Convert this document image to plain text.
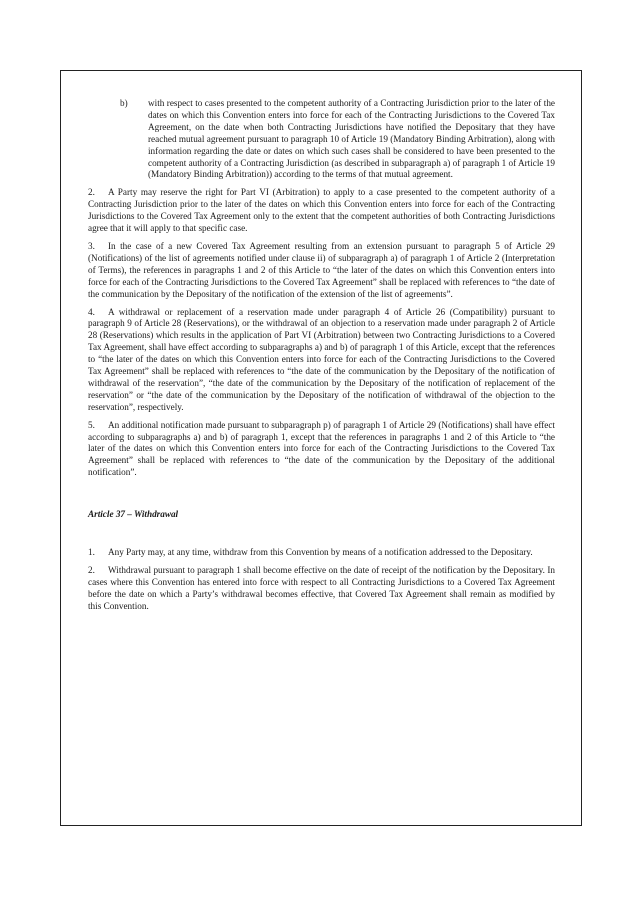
b)	with respect to cases presented to the competent authority of a Contracting Jurisdiction prior to the later of the dates on which this Convention enters into force for each of the Contracting Jurisdictions to the Covered Tax Agreement, on the date when both Contracting Jurisdictions have notified the Depositary that they have reached mutual agreement pursuant to paragraph 10 of Article 19 (Mandatory Binding Arbitration), along with information regarding the date or dates on which such cases shall be considered to have been presented to the competent authority of a Contracting Jurisdiction (as described in subparagraph a) of paragraph 1 of Article 19 (Mandatory Binding Arbitration)) according to the terms of that mutual agreement.

2. A Party may reserve the right for Part VI (Arbitration) to apply to a case presented to the competent authority of a Contracting Jurisdiction prior to the later of the dates on which this Convention enters into force for each of the Contracting Jurisdictions to the Covered Tax Agreement only to the extent that the competent authorities of both Contracting Jurisdictions agree that it will apply to that specific case.

3. In the case of a new Covered Tax Agreement resulting from an extension pursuant to paragraph 5 of Article 29 (Notifications) of the list of agreements notified under clause ii) of subparagraph a) of paragraph 1 of Article 2 (Interpretation of Terms), the references in paragraphs 1 and 2 of this Article to “the later of the dates on which this Convention enters into force for each of the Contracting Jurisdictions to the Covered Tax Agreement” shall be replaced with references to “the date of the communication by the Depositary of the notification of the extension of the list of agreements”.

4. A withdrawal or replacement of a reservation made under paragraph 4 of Article 26 (Compatibility) pursuant to paragraph 9 of Article 28 (Reservations), or the withdrawal of an objection to a reservation made under paragraph 2 of Article 28 (Reservations) which results in the application of Part VI (Arbitration) between two Contracting Jurisdictions to a Covered Tax Agreement, shall have effect according to subparagraphs a) and b) of paragraph 1 of this Article, except that the references to “the later of the dates on which this Convention enters into force for each of the Contracting Jurisdictions to the Covered Tax Agreement” shall be replaced with references to “the date of the communication by the Depositary of the notification of withdrawal of the reservation”, “the date of the communication by the Depositary of the notification of replacement of the reservation” or “the date of the communication by the Depositary of the notification of withdrawal of the objection to the reservation”, respectively.

5. An additional notification made pursuant to subparagraph p) of paragraph 1 of Article 29 (Notifications) shall have effect according to subparagraphs a) and b) of paragraph 1, except that the references in paragraphs 1 and 2 of this Article to “the later of the dates on which this Convention enters into force for each of the Contracting Jurisdictions to the Covered Tax Agreement” shall be replaced with references to “the date of the communication by the Depositary of the additional notification”.

Article 37 – Withdrawal

1. Any Party may, at any time, withdraw from this Convention by means of a notification addressed to the Depositary.

2. Withdrawal pursuant to paragraph 1 shall become effective on the date of receipt of the notification by the Depositary. In cases where this Convention has entered into force with respect to all Contracting Jurisdictions to a Covered Tax Agreement before the date on which a Party’s withdrawal becomes effective, that Covered Tax Agreement shall remain as modified by this Convention.
